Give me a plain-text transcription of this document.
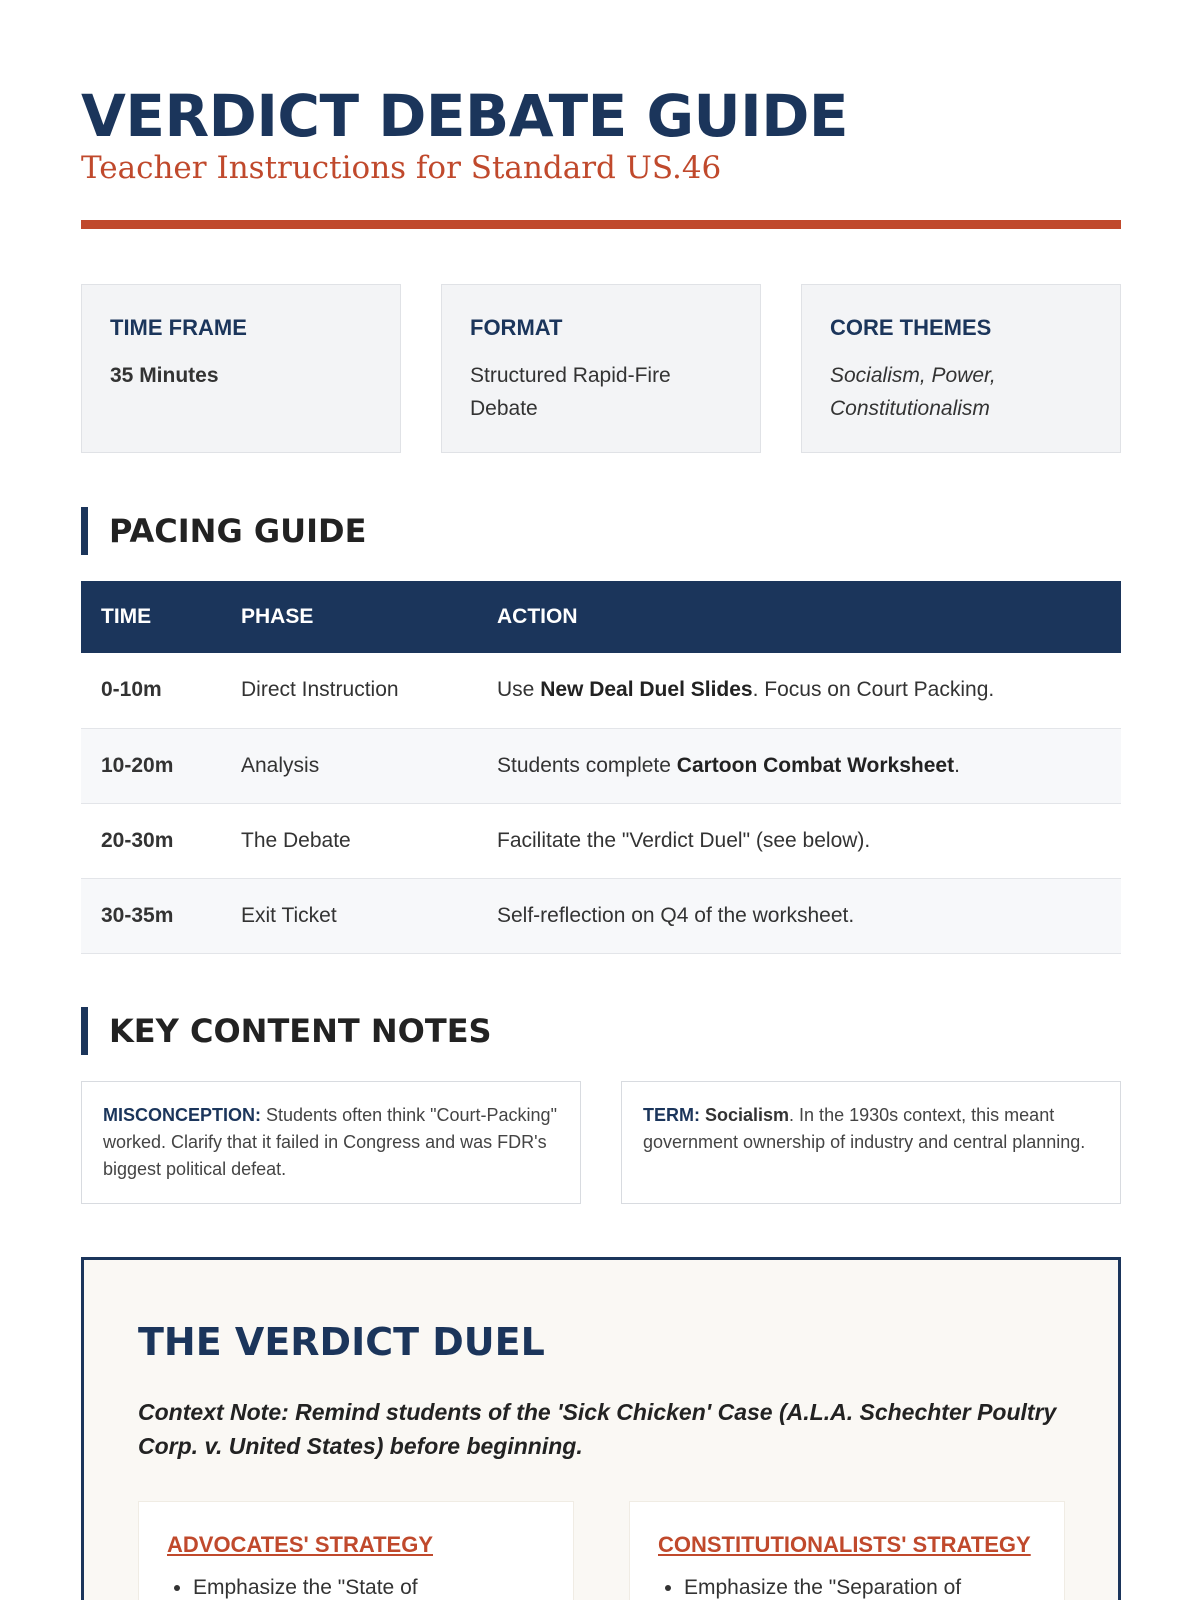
VERDICT DEBATE GUIDE
Teacher Instructions for Standard US.46
TIME FRAME
35 Minutes
FORMAT
Structured Rapid-Fire Debate
CORE THEMES
Socialism, Power, Constitutionalism
PACING GUIDE
TIME	PHASE	ACTION
0-10m	Direct Instruction	Use New Deal Duel Slides. Focus on Court Packing.
10-20m	Analysis	Students complete Cartoon Combat Worksheet.
20-30m	The Debate	Facilitate the "Verdict Duel" (see below).
30-35m	Exit Ticket	Self-reflection on Q4 of the worksheet.
KEY CONTENT NOTES
MISCONCEPTION: Students often think "Court-Packing" worked. Clarify that it failed in Congress and was FDR's biggest political defeat.
TERM: Socialism. In the 1930s context, this meant government ownership of industry and central planning.
THE VERDICT DUEL
Context Note: Remind students of the 'Sick Chicken' Case (A.L.A. Schechter Poultry Corp. v. United States) before beginning.
ADVOCATES' STRATEGY
• Emphasize the "State of
CONSTITUTIONALISTS' STRATEGY
• Emphasize the "Separation of
